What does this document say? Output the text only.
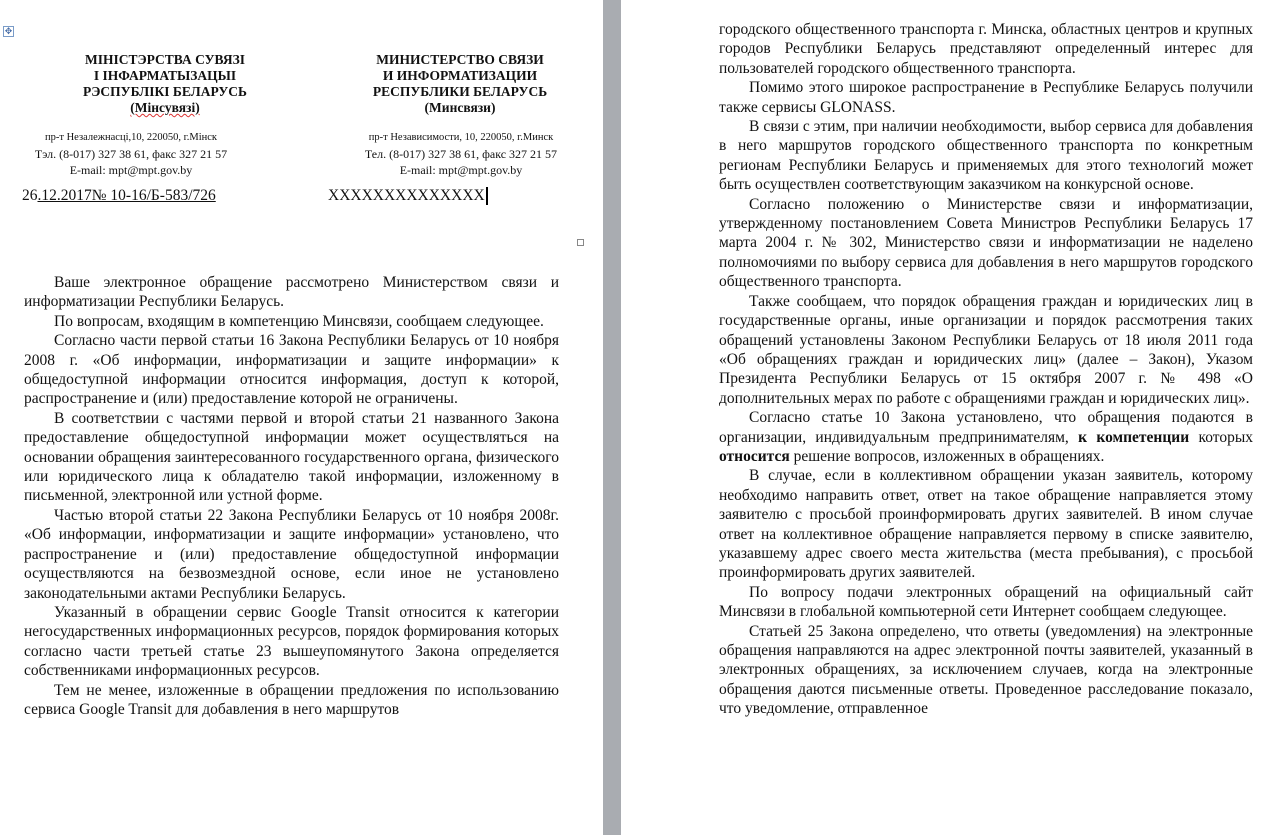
✥
МІНІСТЭРСТВА СУВЯЗІ
І ІНФАРМАТЫЗАЦЫІ
РЭСПУБЛІКІ БЕЛАРУСЬ
(Мінсувязі)
пр-т Незалежнасці,10, 220050, г.Мінск
Тэл. (8-017) 327 38 61, факс 327 21 57
E-mail: mpt@mpt.gov.by
МИНИСТЕРСТВО СВЯЗИ
И ИНФОРМАТИЗАЦИИ
РЕСПУБЛИКИ БЕЛАРУСЬ
(Минсвязи)
пр-т Независимости, 10, 220050, г.Минск
Тел. (8-017) 327 38 61, факс 327 21 57
E-mail: mpt@mpt.gov.by
26.12.2017№ 10-16/Б-583/726	ХХХХХХХХХХХХХХ

Ваше электронное обращение рассмотрено Министерством связи и информатизации Республики Беларусь.

По вопросам, входящим в компетенцию Минсвязи, сообщаем следующее.

Согласно части первой статьи 16 Закона Республики Беларусь от 10 ноября 2008 г. «Об информации, информатизации и защите информации» к общедоступной информации относится информация, доступ к которой, распространение и (или) предоставление которой не ограничены.

В соответствии с частями первой и второй статьи 21 названного Закона предоставление общедоступной информации может осуществляться на основании обращения заинтересованного государственного органа, физического или юридического лица к обладателю такой информации, изложенному в письменной, электронной или устной форме.

Частью второй статьи 22 Закона Республики Беларусь от 10 ноября 2008г. «Об информации, информатизации и защите информации» установлено, что распространение и (или) предоставление общедоступной информации осуществляются на безвозмездной основе, если иное не установлено законодательными актами Республики Беларусь.

Указанный в обращении сервис Google Transit относится к категории негосударственных информационных ресурсов, порядок формирования которых согласно части третьей статье 23 вышеупомянутого Закона определяется собственниками информационных ресурсов.

Тем не менее, изложенные в обращении предложения по использованию сервиса Google Transit для добавления в него маршрутов

городского общественного транспорта г. Минска, областных центров и крупных городов Республики Беларусь представляют определенный интерес для пользователей городского общественного транспорта.

Помимо этого широкое распространение в Республике Беларусь получили также сервисы GLONASS.

В связи с этим, при наличии необходимости, выбор сервиса для добавления в него маршрутов городского общественного транспорта по конкретным регионам Республики Беларусь и применяемых для этого технологий может быть осуществлен соответствующим заказчиком на конкурсной основе.

Согласно положению о Министерстве связи и информатизации, утвержденному постановлением Совета Министров Республики Беларусь 17 марта 2004 г. № 302, Министерство связи и информатизации не наделено полномочиями по выбору сервиса для добавления в него маршрутов городского общественного транспорта.

Также сообщаем, что порядок обращения граждан и юридических лиц в государственные органы, иные организации и порядок рассмотрения таких обращений установлены Законом Республики Беларусь от 18 июля 2011 года «Об обращениях граждан и юридических лиц» (далее – Закон), Указом Президента Республики Беларусь от 15 октября 2007 г. № 498 «О дополнительных мерах по работе с обращениями граждан и юридических лиц».

Согласно статье 10 Закона установлено, что обращения подаются в организации, индивидуальным предпринимателям, к компетенции которых относится решение вопросов, изложенных в обращениях.

В случае, если в коллективном обращении указан заявитель, которому необходимо направить ответ, ответ на такое обращение направляется этому заявителю с просьбой проинформировать других заявителей. В ином случае ответ на коллективное обращение направляется первому в списке заявителю, указавшему адрес своего места жительства (места пребывания), с просьбой проинформировать других заявителей.

По вопросу подачи электронных обращений на официальный сайт Минсвязи в глобальной компьютерной сети Интернет сообщаем следующее.

Статьей 25 Закона определено, что ответы (уведомления) на электронные обращения направляются на адрес электронной почты заявителей, указанный в электронных обращениях, за исключением случаев, когда на электронные обращения даются письменные ответы. Проведенное расследование показало, что уведомление, отправленное
